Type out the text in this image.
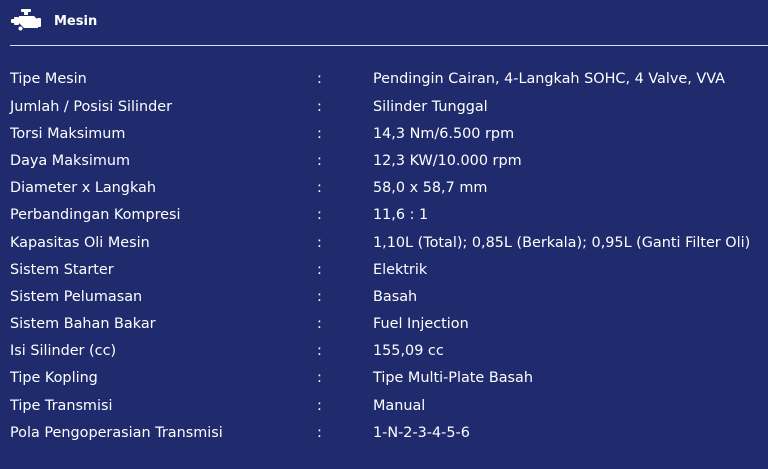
Mesin
Tipe Mesin	:	Pendingin Cairan, 4-Langkah SOHC, 4 Valve, VVA
Jumlah / Posisi Silinder	:	Silinder Tunggal
Torsi Maksimum	:	14,3 Nm/6.500 rpm
Daya Maksimum	:	12,3 KW/10.000 rpm
Diameter x Langkah	:	58,0 x 58,7 mm
Perbandingan Kompresi	:	11,6 : 1
Kapasitas Oli Mesin	:	1,10L (Total); 0,85L (Berkala); 0,95L (Ganti Filter Oli)
Sistem Starter	:	Elektrik
Sistem Pelumasan	:	Basah
Sistem Bahan Bakar	:	Fuel Injection
Isi Silinder (cc)	:	155,09 cc
Tipe Kopling	:	Tipe Multi-Plate Basah
Tipe Transmisi	:	Manual
Pola Pengoperasian Transmisi	:	1-N-2-3-4-5-6
